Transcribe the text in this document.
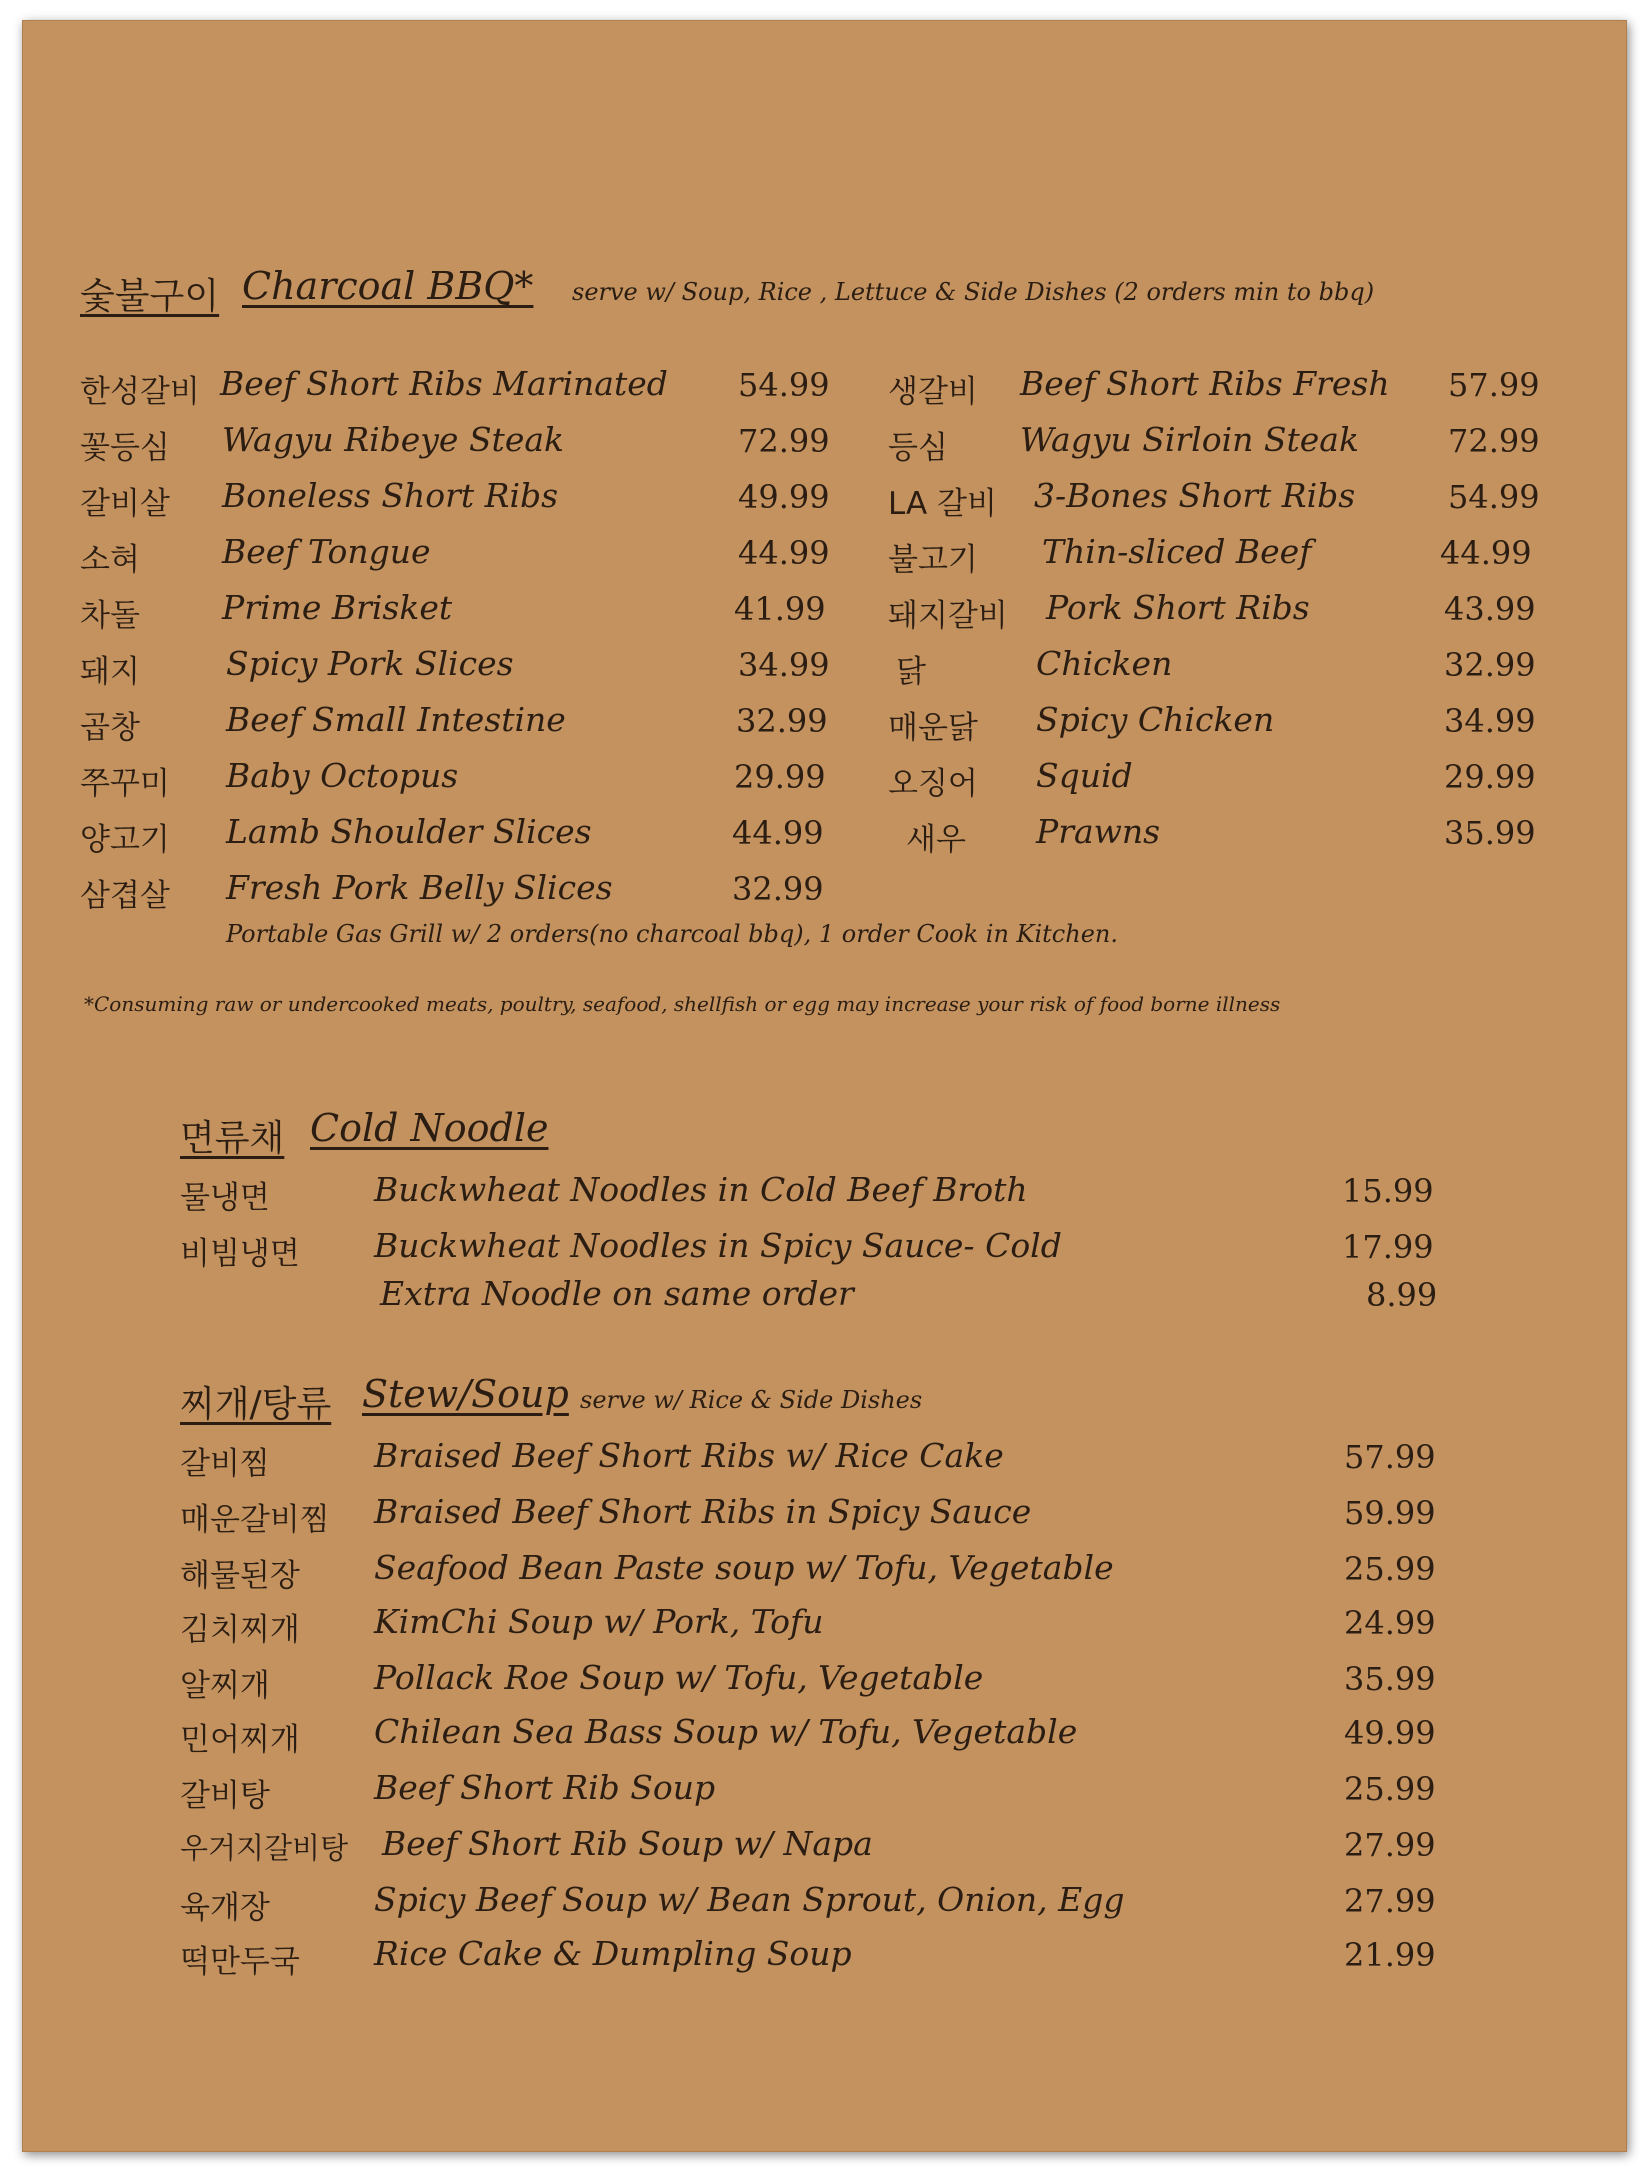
숯불구이 Charcoal BBQ* serve w/ Soup, Rice , Lettuce & Side Dishes (2 orders min to bbq)
한성갈비 Beef Short Ribs Marinated 54.99
꽃등심 Wagyu Ribeye Steak	72.99
갈비살 Boneless Short Ribs	49.99
소혀 Beef Tongue	44.99
차돌 Prime Brisket	41.99
돼지	Spicy Pork Slices	34.99
곱창	Beef Small Intestine	32.99
쭈꾸미 Baby Octopus	29.99
양고기 Lamb Shoulder Slices	44.99
삼겹살 Fresh Pork Belly Slices	32.99
생갈비 Beef Short Ribs Fresh 57.99
등심 Wagyu Sirloin Steak	72.99
LA 갈비 3-Bones Short Ribs	54.99
불고기 Thin-sliced Beef	44.99
돼지갈비 Pork Short Ribs	43.99
닭	Chicken	32.99
매운닭 Spicy Chicken	34.99
오징어 Squid	29.99
새우 Prawns	35.99
Portable Gas Grill w/ 2 orders(no charcoal bbq), 1 order Cook in Kitchen.
*Consuming raw or undercooked meats, poultry, seafood, shellfish or egg may increase your risk of food borne illness
면류채 Cold Noodle
물냉면	Buckwheat Noodles in Cold Beef Broth	15.99
비빔냉면 Buckwheat Noodles in Spicy Sauce- Cold	17.99
Extra Noodle on same order	8.99
찌개/탕류 Stew/Soup serve w/ Rice & Side Dishes
갈비찜	Braised Beef Short Ribs w/ Rice Cake	57.99
매운갈비찜 Braised Beef Short Ribs in Spicy Sauce	59.99
해물된장 Seafood Bean Paste soup w/ Tofu, Vegetable	25.99
김치찌개 KimChi Soup w/ Pork, Tofu	24.99
알찌개	Pollack Roe Soup w/ Tofu, Vegetable	35.99
민어찌개 Chilean Sea Bass Soup w/ Tofu, Vegetable	49.99
갈비탕	Beef Short Rib Soup	25.99
우거지갈비탕 Beef Short Rib Soup w/ Napa	27.99
육개장	Spicy Beef Soup w/ Bean Sprout, Onion, Egg	27.99
떡만두국 Rice Cake & Dumpling Soup	21.99
